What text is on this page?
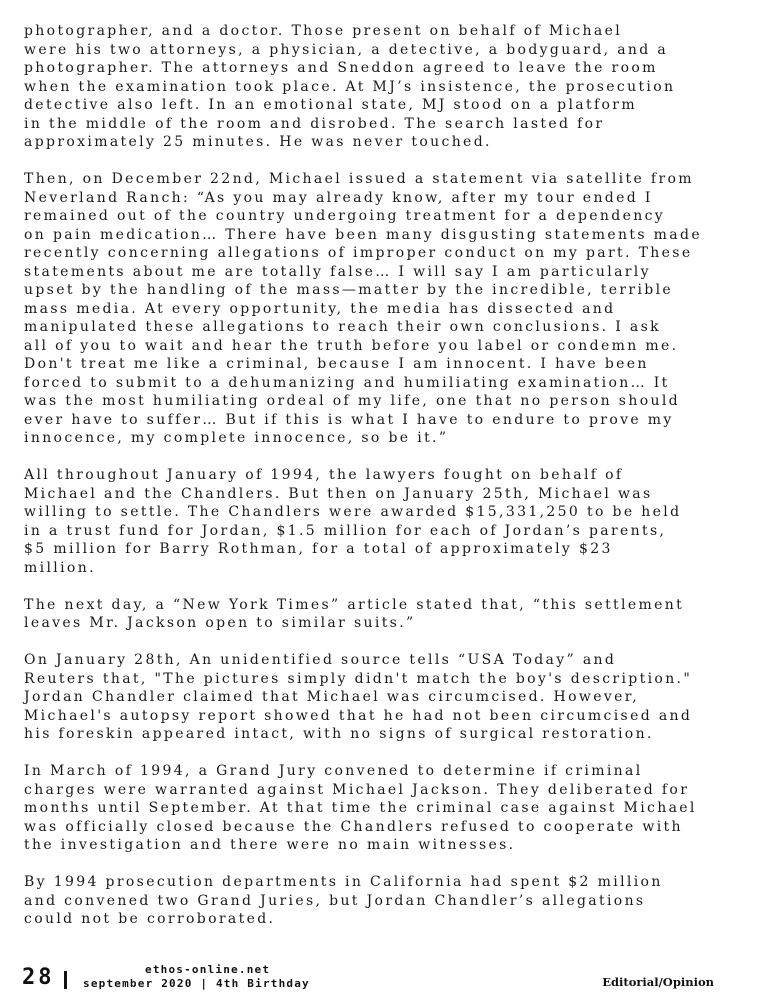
photographer, and a doctor. Those present on behalf of Michael
were his two attorneys, a physician, a detective, a bodyguard, and a
photographer. The attorneys and Sneddon agreed to leave the room
when the examination took place. At MJ’s insistence, the prosecution
detective also left. In an emotional state, MJ stood on a platform
in the middle of the room and disrobed. The search lasted for
approximately 25 minutes. He was never touched.

Then, on December 22nd, Michael issued a statement via satellite from
Neverland Ranch: “As you may already know, after my tour ended I
remained out of the country undergoing treatment for a dependency
on pain medication… There have been many disgusting statements made
recently concerning allegations of improper conduct on my part. These
statements about me are totally false… I will say I am particularly
upset by the handling of the mass—matter by the incredible, terrible
mass media. At every opportunity, the media has dissected and
manipulated these allegations to reach their own conclusions. I ask
all of you to wait and hear the truth before you label or condemn me.
Don't treat me like a criminal, because I am innocent. I have been
forced to submit to a dehumanizing and humiliating examination… It
was the most humiliating ordeal of my life, one that no person should
ever have to suffer… But if this is what I have to endure to prove my
innocence, my complete innocence, so be it.”

All throughout January of 1994, the lawyers fought on behalf of
Michael and the Chandlers. But then on January 25th, Michael was
willing to settle. The Chandlers were awarded $15,331,250 to be held
in a trust fund for Jordan, $1.5 million for each of Jordan’s parents,
$5 million for Barry Rothman, for a total of approximately $23
million.

The next day, a “New York Times” article stated that, “this settlement
leaves Mr. Jackson open to similar suits.”

On January 28th, An unidentified source tells “USA Today” and
Reuters that, "The pictures simply didn't match the boy's description."
Jordan Chandler claimed that Michael was circumcised. However,
Michael's autopsy report showed that he had not been circumcised and
his foreskin appeared intact, with no signs of surgical restoration.

In March of 1994, a Grand Jury convened to determine if criminal
charges were warranted against Michael Jackson. They deliberated for
months until September. At that time the criminal case against Michael
was officially closed because the Chandlers refused to cooperate with
the investigation and there were no main witnesses.

By 1994 prosecution departments in California had spent $2 million
and convened two Grand Juries, but Jordan Chandler’s allegations
could not be corroborated.

28	ethos-online.net
september 2020 | 4th Birthday	Editorial/Opinion
